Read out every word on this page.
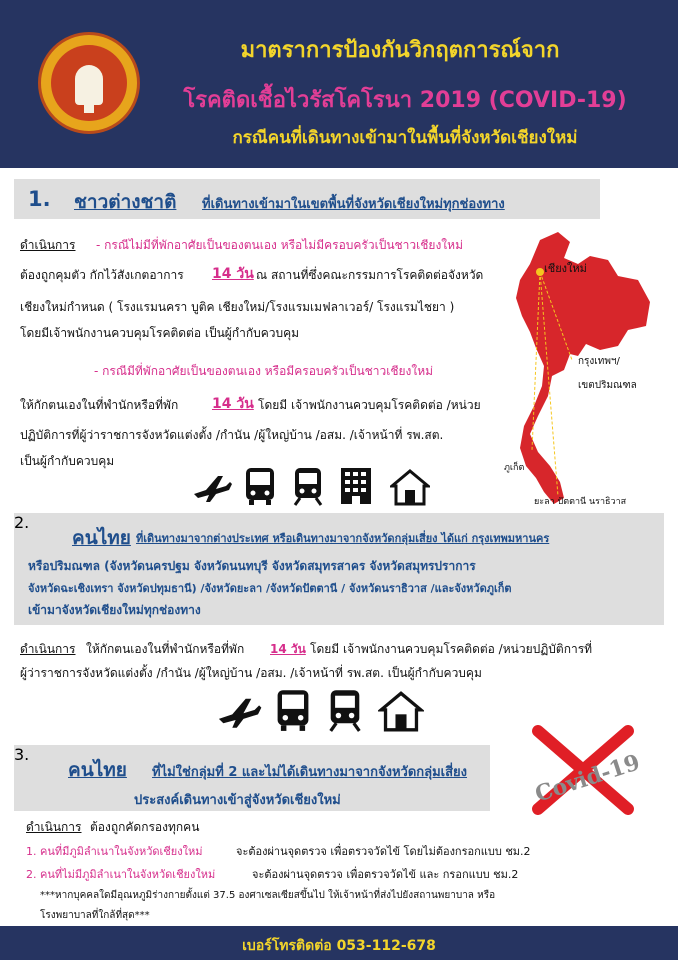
มาตราการป้องกันวิกฤตการณ์จาก
โรคติดเชื้อไวรัสโคโรนา 2019 (COVID-19)
กรณีคนที่เดินทางเข้ามาในพื้นที่จังหวัดเชียงใหม่
1. ชาวต่างชาติ ที่เดินทางเข้ามาในเขตพื้นที่จังหวัดเชียงใหม่ทุกช่องทาง
ดำเนินการ - กรณีไม่มีที่พักอาศัยเป็นของตนเอง หรือไม่มีครอบครัวเป็นชาวเชียงใหม่
ต้องถูกคุมตัว กักไว้สังเกตอาการ 14 วัน ณ สถานที่ซึ่งคณะกรรมการโรคติดต่อจังหวัด
เชียงใหม่กำหนด ( โรงแรมนครา บูติค เชียงใหม่/โรงแรมเมฟลาเวอร์/ โรงแรมไชยา )
โดยมีเจ้าพนักงานควบคุมโรคติดต่อ เป็นผู้กำกับควบคุม
- กรณีมีที่พักอาศัยเป็นของตนเอง หรือมีครอบครัวเป็นชาวเชียงใหม่
ให้กักตนเองในที่พำนักหรือที่พัก 14 วัน โดยมี เจ้าพนักงานควบคุมโรคติดต่อ /หน่วย
ปฏิบัติการที่ผู้ว่าราชการจังหวัดแต่งตั้ง /กำนัน /ผู้ใหญ่บ้าน /อสม. /เจ้าหน้าที่ รพ.สต.
เป็นผู้กำกับควบคุม
เชียงใหม่
กรุงเทพฯ/
เขตปริมณฑล
ภูเก็ต
ยะลา ปัตตานี นราธิวาส
2.
คนไทย ที่เดินทางมาจากต่างประเทศ หรือเดินทางมาจากจังหวัดกลุ่มเสี่ยง ได้แก่ กรุงเทพมหานคร
หรือปริมณฑล (จังหวัดนครปฐม จังหวัดนนทบุรี จังหวัดสมุทรสาคร จังหวัดสมุทรปราการ
จังหวัดฉะเชิงเทรา จังหวัดปทุมธานี) /จังหวัดยะลา /จังหวัดปัตตานี / จังหวัดนราธิวาส /และจังหวัดภูเก็ต
เข้ามาจังหวัดเชียงใหม่ทุกช่องทาง
ดำเนินการ ให้กักตนเองในที่พำนักหรือที่พัก 14 วัน โดยมี เจ้าพนักงานควบคุมโรคติดต่อ /หน่วยปฏิบัติการที่
ผู้ว่าราชการจังหวัดแต่งตั้ง /กำนัน /ผู้ใหญ่บ้าน /อสม. /เจ้าหน้าที่ รพ.สต. เป็นผู้กำกับควบคุม
3.
คนไทย ที่ไม่ใช่กลุ่มที่ 2 และไม่ได้เดินทางมาจากจังหวัดกลุ่มเสี่ยง
ประสงค์เดินทางเข้าสู่จังหวัดเชียงใหม่	Covid-19
ดำเนินการ ต้องถูกคัดกรองทุกคน
1. คนที่มีภูมิลำเนาในจังหวัดเชียงใหม่	จะต้องผ่านจุดตรวจ เพื่อตรวจวัดไข้ โดยไม่ต้องกรอกแบบ ชม.2
2. คนที่ไม่มีภูมิลำเนาในจังหวัดเชียงใหม่	จะต้องผ่านจุดตรวจ เพื่อตรวจวัดไข้ และ กรอกแบบ ชม.2
***หากบุคคลใดมีอุณหภูมิร่างกายตั้งแต่ 37.5 องศาเซลเซียสขึ้นไป ให้เจ้าหน้าที่ส่งไปยังสถานพยาบาล หรือ
โรงพยาบาลที่ใกล้ที่สุด***
เบอร์โทรติดต่อ 053-112-678
